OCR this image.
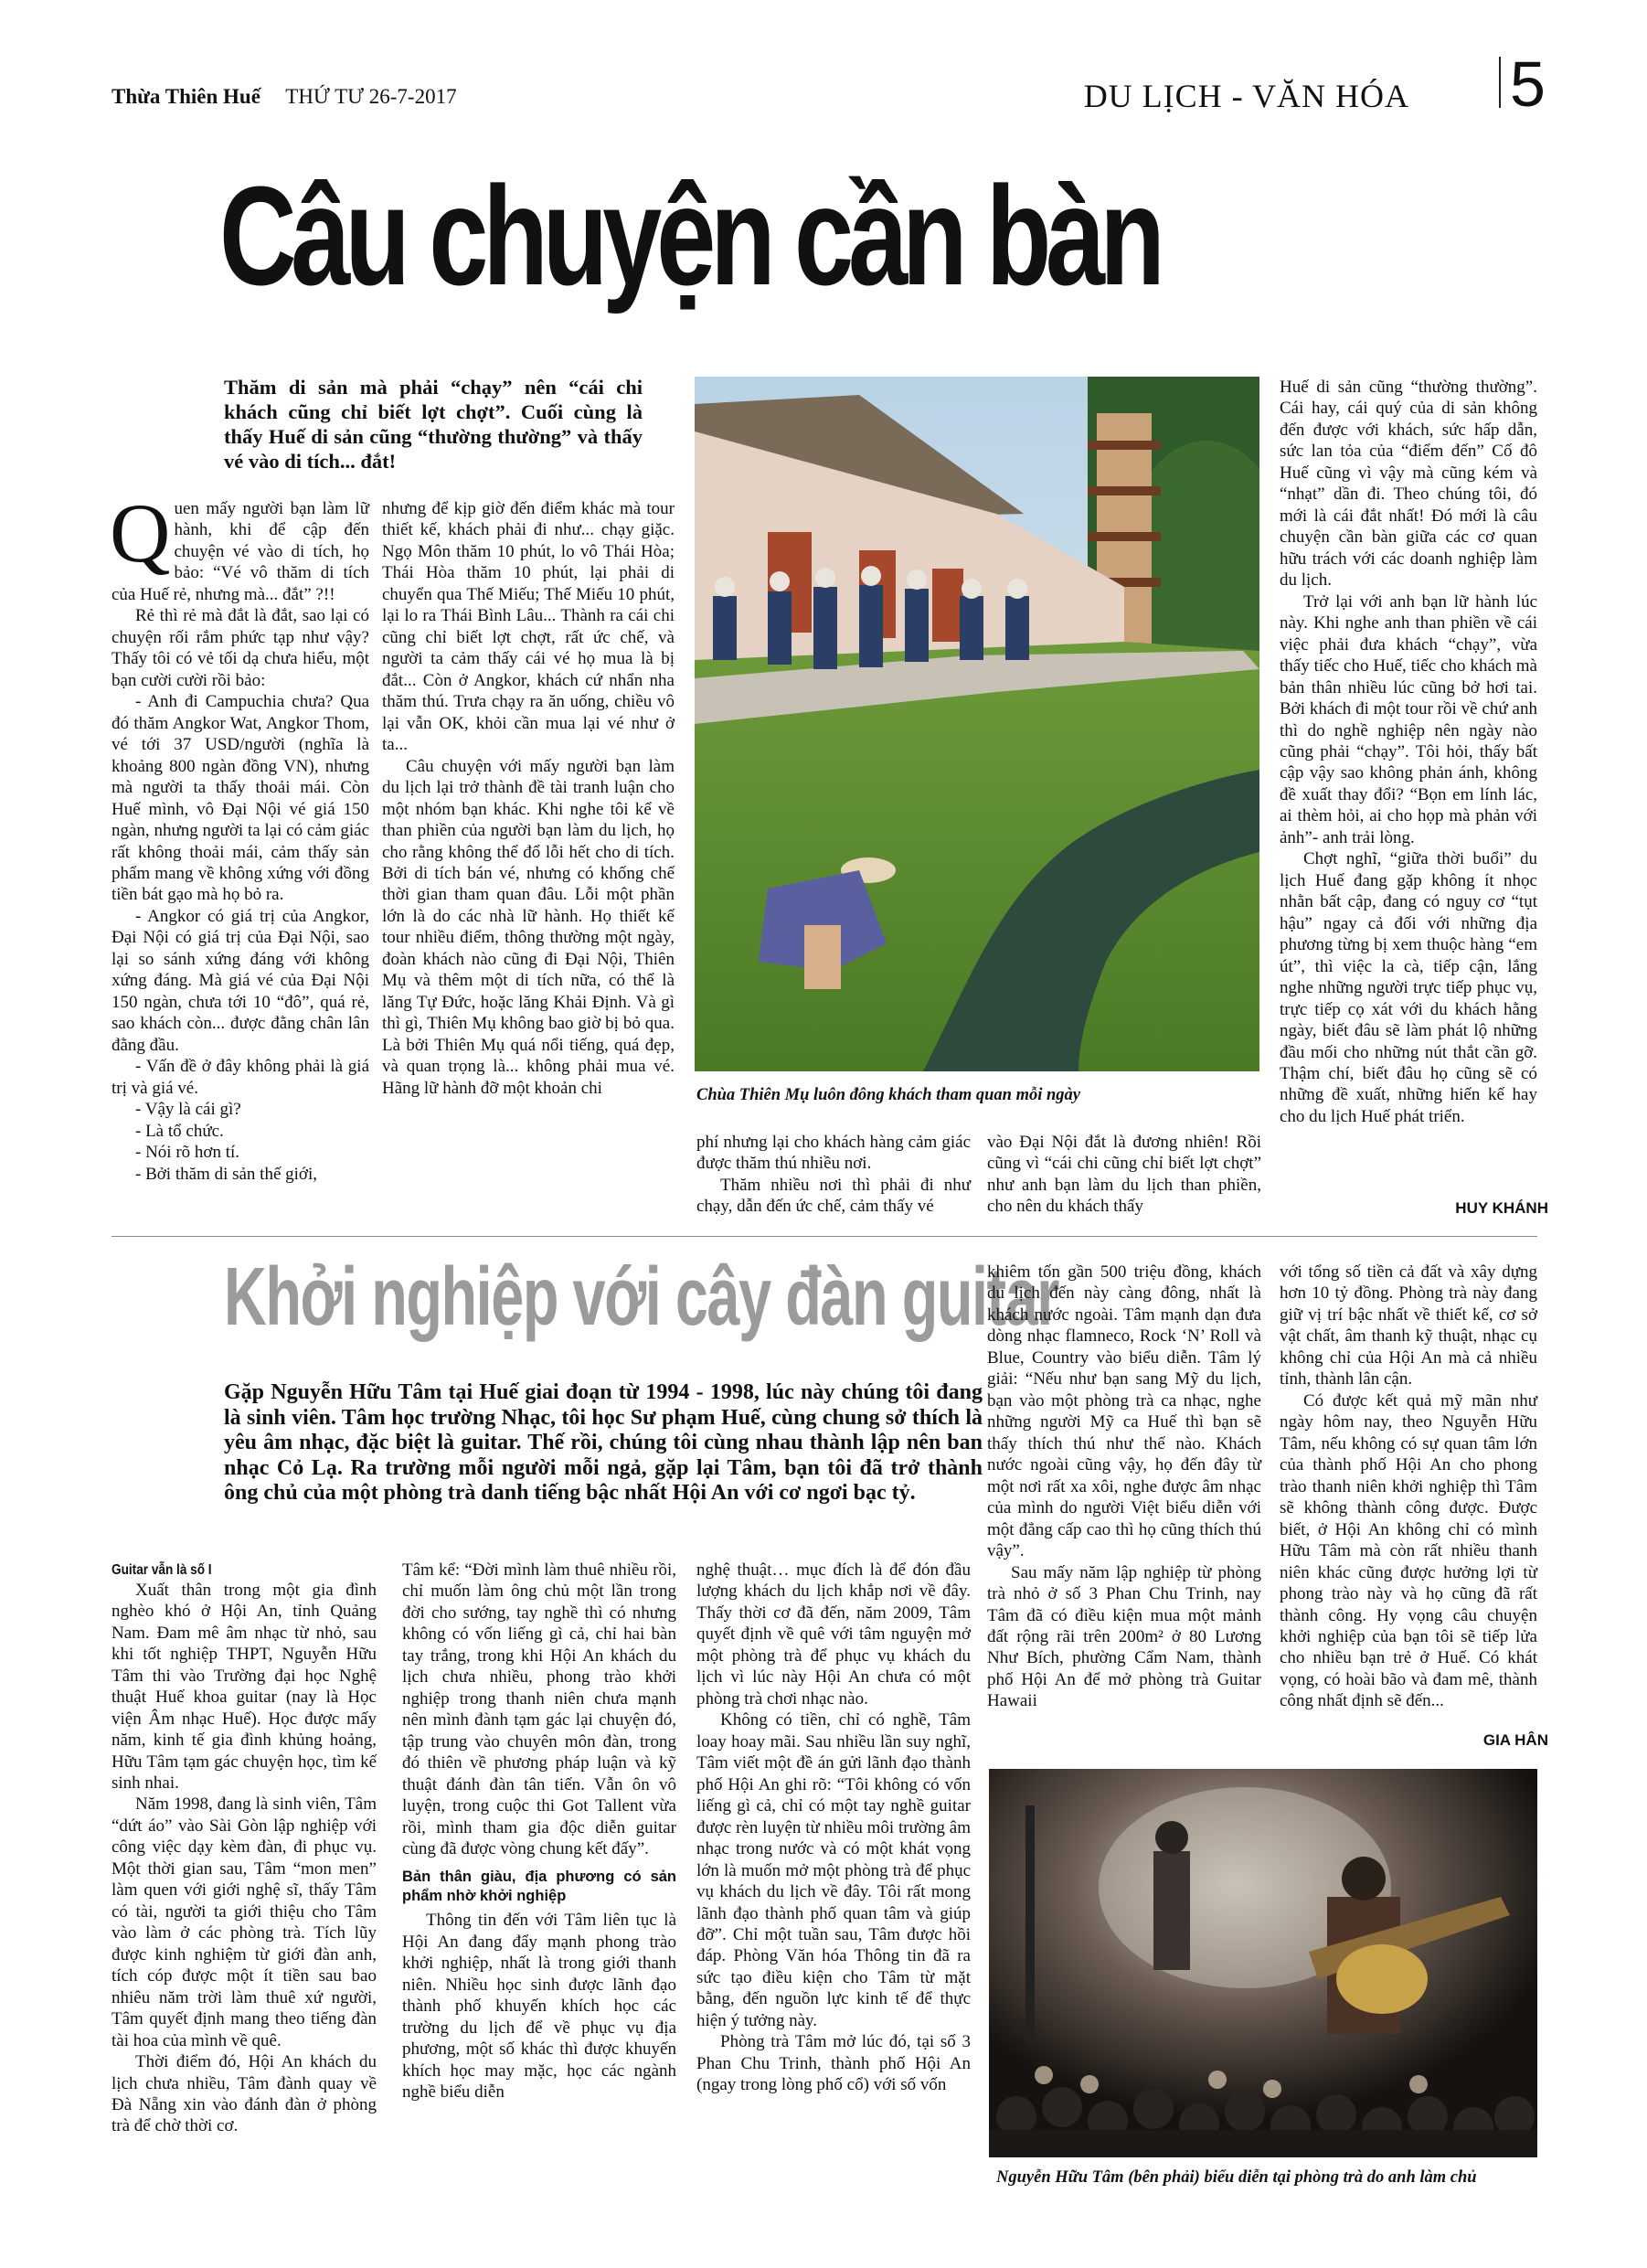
Thừa Thiên Huế THỨ TƯ 26-7-2017	DU LỊCH - VĂN HÓA 5
Câu chuyện cần bàn
Thăm di sản mà phải “chạy” nên “cái chi khách cũng chỉ biết lợt chợt”. Cuối cùng là thấy Huế di sản cũng “thường thường” và thấy vé vào di tích... đắt!
Q uen mấy người bạn làm lữ hành, khi để cập đến chuyện vé vào di tích, họ bảo: “Vé vô thăm di tích của Huế rẻ, nhưng mà... đắt” ?!!

Rẻ thì rẻ mà đắt là đắt, sao lại có chuyện rối rắm phức tạp như vậy? Thấy tôi có vẻ tối dạ chưa hiểu, một bạn cười cười rồi bảo:

- Anh đi Campuchia chưa? Qua đó thăm Angkor Wat, Angkor Thom, vé tới 37 USD/người (nghĩa là khoảng 800 ngàn đồng VN), nhưng mà người ta thấy thoải mái. Còn Huế mình, vô Đại Nội vé giá 150 ngàn, nhưng người ta lại có cảm giác rất không thoải mái, cảm thấy sản phẩm mang về không xứng với đồng tiền bát gạo mà họ bỏ ra.

- Angkor có giá trị của Angkor, Đại Nội có giá trị của Đại Nội, sao lại so sánh xứng đáng với không xứng đáng. Mà giá vé của Đại Nội 150 ngàn, chưa tới 10 “đô”, quá rẻ, sao khách còn... được đằng chân lân đằng đầu.

- Vấn đề ở đây không phải là giá trị và giá vé.

- Vậy là cái gì?

- Là tổ chức.

- Nói rõ hơn tí.

- Bởi thăm di sản thế giới,

nhưng để kịp giờ đến điểm khác mà tour thiết kế, khách phải đi như... chạy giặc. Ngọ Môn thăm 10 phút, lo vô Thái Hòa; Thái Hòa thăm 10 phút, lại phải di chuyển qua Thế Miếu; Thế Miếu 10 phút, lại lo ra Thái Bình Lâu... Thành ra cái chi cũng chỉ biết lợt chợt, rất ức chế, và người ta cảm thấy cái vé họ mua là bị đắt... Còn ở Angkor, khách cứ nhẩn nha thăm thú. Trưa chạy ra ăn uống, chiều vô lại vẫn OK, khỏi cần mua lại vé như ở ta...

Câu chuyện với mấy người bạn làm du lịch lại trở thành đề tài tranh luận cho một nhóm bạn khác. Khi nghe tôi kể về than phiền của người bạn làm du lịch, họ cho rằng không thể đổ lỗi hết cho di tích. Bởi di tích bán vé, nhưng có khống chế thời gian tham quan đâu. Lỗi một phần lớn là do các nhà lữ hành. Họ thiết kế tour nhiều điểm, thông thường một ngày, đoàn khách nào cũng đi Đại Nội, Thiên Mụ và thêm một di tích nữa, có thể là lăng Tự Đức, hoặc lăng Khải Định. Và gì thì gì, Thiên Mụ không bao giờ bị bỏ qua. Là bởi Thiên Mụ quá nổi tiếng, quá đẹp, và quan trọng là... không phải mua vé. Hãng lữ hành đỡ một khoản chi	Chùa Thiên Mụ luôn đông khách tham quan mỗi ngày

phí nhưng lại cho khách hàng cảm giác được thăm thú nhiều nơi.

Thăm nhiều nơi thì phải đi như chạy, dẫn đến ức chế, cảm thấy vé

vào Đại Nội đắt là đương nhiên! Rồi cũng vì “cái chi cũng chỉ biết lợt chợt” như anh bạn làm du lịch than phiền, cho nên du khách thấy

Huế di sản cũng “thường thường”. Cái hay, cái quý của di sản không đến được với khách, sức hấp dẫn, sức lan tỏa của “điểm đến” Cố đô Huế cũng vì vậy mà cũng kém và “nhạt” dần đi. Theo chúng tôi, đó mới là cái đắt nhất! Đó mới là câu chuyện cần bàn giữa các cơ quan hữu trách với các doanh nghiệp làm du lịch.

Trở lại với anh bạn lữ hành lúc này. Khi nghe anh than phiền về cái việc phải đưa khách “chạy”, vừa thấy tiếc cho Huế, tiếc cho khách mà bản thân nhiều lúc cũng bở hơi tai. Bởi khách đi một tour rồi về chứ anh thì do nghề nghiệp nên ngày nào cũng phải “chạy”. Tôi hỏi, thấy bất cập vậy sao không phản ánh, không đề xuất thay đổi? “Bọn em lính lác, ai thèm hỏi, ai cho họp mà phản với ảnh”- anh trải lòng.

Chợt nghĩ, “giữa thời buổi” du lịch Huế đang gặp không ít nhọc nhằn bất cập, đang có nguy cơ “tụt hậu” ngay cả đối với những địa phương từng bị xem thuộc hàng “em út”, thì việc la cà, tiếp cận, lắng nghe những người trực tiếp phục vụ, trực tiếp cọ xát với du khách hằng ngày, biết đâu sẽ làm phát lộ những đầu mối cho những nút thắt cần gỡ. Thậm chí, biết đâu họ cũng sẽ có những đề xuất, những hiến kế hay cho du lịch Huế phát triển.

HUY KHÁNH
Khởi nghiệp với cây đàn guitar
Gặp Nguyễn Hữu Tâm tại Huế giai đoạn từ 1994 - 1998, lúc này chúng tôi đang là sinh viên. Tâm học trường Nhạc, tôi học Sư phạm Huế, cùng chung sở thích là yêu âm nhạc, đặc biệt là guitar. Thế rồi, chúng tôi cùng nhau thành lập nên ban nhạc Cỏ Lạ. Ra trường mỗi người mỗi ngả, gặp lại Tâm, bạn tôi đã trở thành ông chủ của một phòng trà danh tiếng bậc nhất Hội An với cơ ngơi bạc tỷ.
Guitar vẫn là số I

Xuất thân trong một gia đình nghèo khó ở Hội An, tỉnh Quảng Nam. Đam mê âm nhạc từ nhỏ, sau khi tốt nghiệp THPT, Nguyễn Hữu Tâm thi vào Trường đại học Nghệ thuật Huế khoa guitar (nay là Học viện Âm nhạc Huế). Học được mấy năm, kinh tế gia đình khủng hoảng, Hữu Tâm tạm gác chuyện học, tìm kế sinh nhai.

Năm 1998, đang là sinh viên, Tâm “dứt áo” vào Sài Gòn lập nghiệp với công việc dạy kèm đàn, đi phục vụ. Một thời gian sau, Tâm “mon men” làm quen với giới nghệ sĩ, thấy Tâm có tài, người ta giới thiệu cho Tâm vào làm ở các phòng trà. Tích lũy được kinh nghiệm từ giới đàn anh, tích cóp được một ít tiền sau bao nhiêu năm trời làm thuê xứ người, Tâm quyết định mang theo tiếng đàn tài hoa của mình về quê.

Thời điểm đó, Hội An khách du lịch chưa nhiều, Tâm đành quay về Đà Nẵng xin vào đánh đàn ở phòng trà để chờ thời cơ.

Tâm kể: “Đời mình làm thuê nhiều rồi, chỉ muốn làm ông chủ một lần trong đời cho sướng, tay nghề thì có nhưng không có vốn liếng gì cả, chỉ hai bàn tay trắng, trong khi Hội An khách du lịch chưa nhiều, phong trào khởi nghiệp trong thanh niên chưa mạnh nên mình đành tạm gác lại chuyện đó, tập trung vào chuyên môn đàn, trong đó thiên về phương pháp luận và kỹ thuật đánh đàn tân tiến. Vẫn ôn vô luyện, trong cuộc thi Got Tallent vừa rồi, mình tham gia độc diễn guitar cùng đã được vòng chung kết đấy”.

Bản thân giàu, địa phương có sản phẩm nhờ khởi nghiệp

Thông tin đến với Tâm liên tục là Hội An đang đẩy mạnh phong trào khởi nghiệp, nhất là trong giới thanh niên. Nhiều học sinh được lãnh đạo thành phố khuyến khích học các trường du lịch để về phục vụ địa phương, một số khác thì được khuyến khích học may mặc, học các ngành nghề biểu diễn

nghệ thuật… mục đích là để đón đầu lượng khách du lịch khắp nơi về đây. Thấy thời cơ đã đến, năm 2009, Tâm quyết định về quê với tâm nguyện mở một phòng trà để phục vụ khách du lịch vì lúc này Hội An chưa có một phòng trà chơi nhạc nào.

Không có tiền, chỉ có nghề, Tâm loay hoay mãi. Sau nhiều lần suy nghĩ, Tâm viết một đề án gửi lãnh đạo thành phố Hội An ghi rõ: “Tôi không có vốn liếng gì cả, chỉ có một tay nghề guitar được rèn luyện từ nhiều môi trường âm nhạc trong nước và có một khát vọng lớn là muốn mở một phòng trà để phục vụ khách du lịch về đây. Tôi rất mong lãnh đạo thành phố quan tâm và giúp đỡ”. Chỉ một tuần sau, Tâm được hồi đáp. Phòng Văn hóa Thông tin đã ra sức tạo điều kiện cho Tâm từ mặt bằng, đến nguồn lực kinh tế để thực hiện ý tưởng này.

Phòng trà Tâm mở lúc đó, tại số 3 Phan Chu Trinh, thành phố Hội An (ngay trong lòng phố cổ) với số vốn

khiêm tốn gần 500 triệu đồng, khách du lịch đến này càng đông, nhất là khách nước ngoài. Tâm mạnh dạn đưa dòng nhạc flamneco, Rock ‘N’ Roll và Blue, Country vào biểu diễn. Tâm lý giải: “Nếu như bạn sang Mỹ du lịch, bạn vào một phòng trà ca nhạc, nghe những người Mỹ ca Huế thì bạn sẽ thấy thích thú như thế nào. Khách nước ngoài cũng vậy, họ đến đây từ một nơi rất xa xôi, nghe được âm nhạc của mình do người Việt biểu diễn với một đẳng cấp cao thì họ cũng thích thú vậy”.

Sau mấy năm lập nghiệp từ phòng trà nhỏ ở số 3 Phan Chu Trinh, nay Tâm đã có điều kiện mua một mảnh đất rộng rãi trên 200m² ở 80 Lương Như Bích, phường Cẩm Nam, thành phố Hội An để mở phòng trà Guitar Hawaii

với tổng số tiền cả đất và xây dựng hơn 10 tỷ đồng. Phòng trà này đang giữ vị trí bậc nhất về thiết kế, cơ sở vật chất, âm thanh kỹ thuật, nhạc cụ không chỉ của Hội An mà cả nhiều tỉnh, thành lân cận.

Có được kết quả mỹ mãn như ngày hôm nay, theo Nguyễn Hữu Tâm, nếu không có sự quan tâm lớn của thành phố Hội An cho phong trào thanh niên khởi nghiệp thì Tâm sẽ không thành công được. Được biết, ở Hội An không chỉ có mình Hữu Tâm mà còn rất nhiều thanh niên khác cũng được hưởng lợi từ phong trào này và họ cũng đã rất thành công. Hy vọng câu chuyện khởi nghiệp của bạn tôi sẽ tiếp lửa cho nhiều bạn trẻ ở Huế. Có khát vọng, có hoài bão và đam mê, thành công nhất định sẽ đến...

GIA HÂN
Nguyễn Hữu Tâm (bên phải) biểu diễn tại phòng trà do anh làm chủ
